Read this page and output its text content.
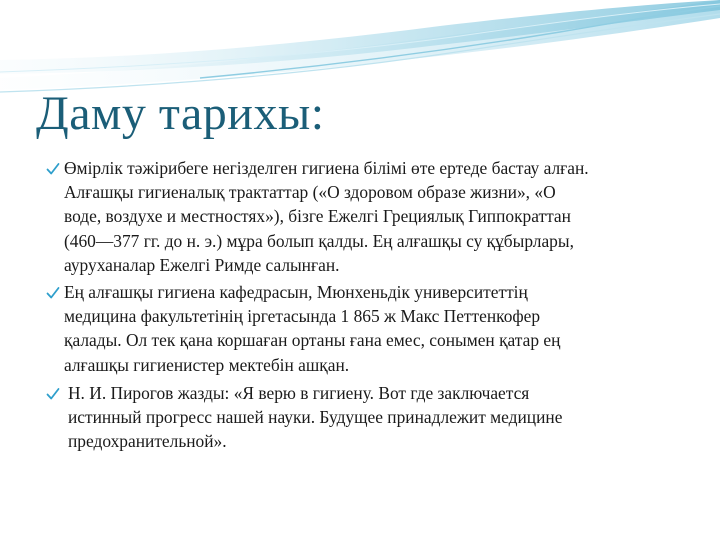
Даму тарихы:
Өмірлік тәжірибеге негізделген гигиена білімі өте ертеде бастау алған.
Алғашқы гигиеналық трактаттар («О здоровом образе жизни», «О
воде, воздухе и местностях»), бізге Ежелгі Грециялық Гиппократтан
(460—377 гг. до н. э.) мұра болып қалды. Ең алғашқы су құбырлары,
ауруханалар Ежелгі Римде салынған.
Ең алғашқы гигиена кафедрасын, Мюнхеньдік университеттің
медицина факультетінің іргетасында 1 865 ж Макс Петтенкофер
қалады. Ол тек қана коршаған ортаны ғана емес, сонымен қатар ең
алғашқы гигиенистер мектебін ашқан.
Н. И. Пирогов жазды: «Я верю в гигиену. Вот где заключается
истинный прогресс нашей науки. Будущее принадлежит медицине
предохранительной».
